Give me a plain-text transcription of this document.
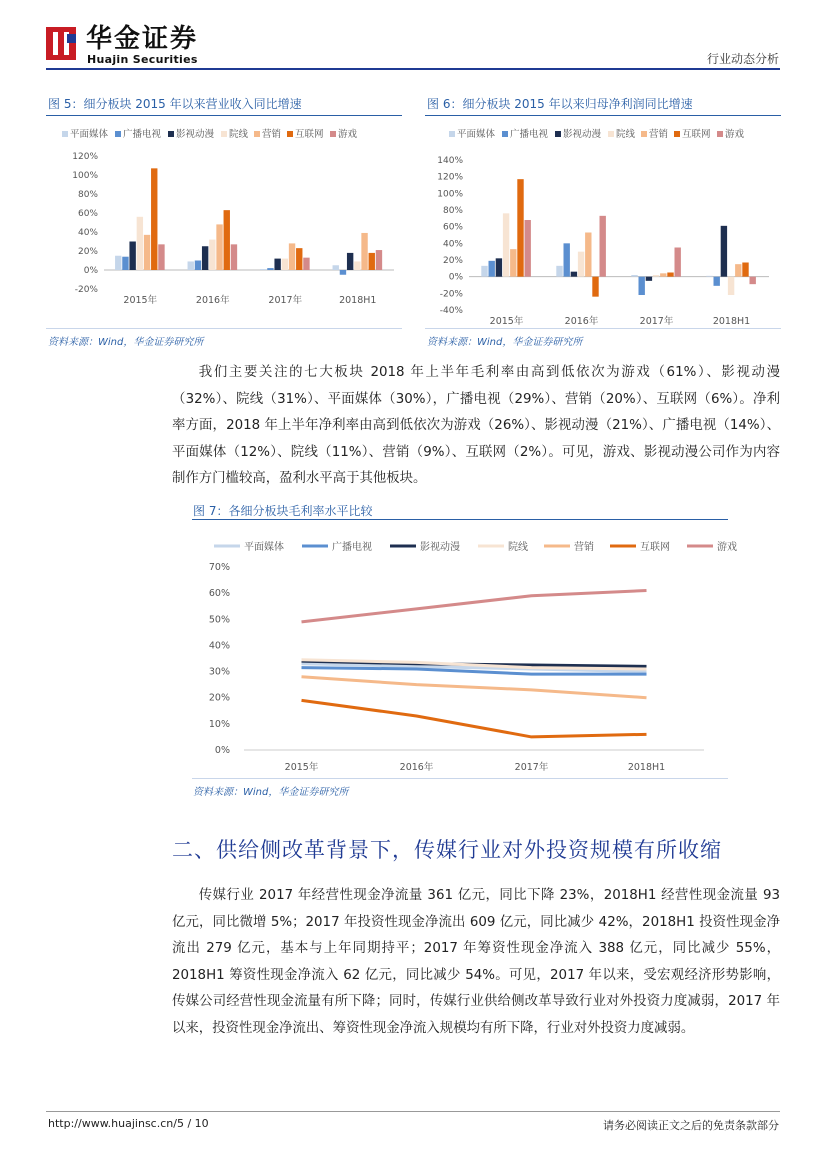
华金证券
Huajin Securities	行业动态分析
图 5：细分板块 2015 年以来营业收入同比增速
平面媒体 广播电视 影视动漫 院线 营销 互联网 游戏
120%
100%
80%
60%
40%
20%
0%
-20%
2015年	2016年	2017年	2018H1
资料来源：Wind，华金证券研究所
图 6：细分板块 2015 年以来归母净利润同比增速
平面媒体 广播电视 影视动漫 院线 营销 互联网 游戏
140%
120%
100%
80%
60%
40%
20%
0%
-20%
-40%
2015年	2016年	2017年	2018H1
资料来源：Wind，华金证券研究所

我们主要关注的七大板块 2018 年上半年毛利率由高到低依次为游戏（61%）、影视动漫（32%）、院线（31%）、平面媒体（30%），广播电视（29%）、营销（20%）、互联网（6%）。净利率方面，2018 年上半年净利率由高到低依次为游戏（26%）、影视动漫（21%）、广播电视（14%）、平面媒体（12%）、院线（11%）、营销（9%）、互联网（2%）。可见，游戏、影视动漫公司作为内容制作方门槛较高，盈利水平高于其他板块。

图 7：各细分板块毛利率水平比较
平面媒体	广播电视	影视动漫	院线	营销	互联网	游戏
70%
60%
50%
40%
30%
20%
10%
0%
2015年	2016年	2017年	2018H1
资料来源：Wind，华金证券研究所
二、供给侧改革背景下，传媒行业对外投资规模有所收缩

传媒行业 2017 年经营性现金净流量 361 亿元，同比下降 23%，2018H1 经营性现金流量 93 亿元，同比微增 5%；2017 年投资性现金净流出 609 亿元，同比减少 42%，2018H1 投资性现金净流出 279 亿元，基本与上年同期持平；2017 年筹资性现金净流入 388 亿元，同比减少 55%，2018H1 筹资性现金净流入 62 亿元，同比减少 54%。可见，2017 年以来，受宏观经济形势影响，传媒公司经营性现金流量有所下降；同时，传媒行业供给侧改革导致行业对外投资力度减弱，2017 年以来，投资性现金净流出、筹资性现金净流入规模均有所下降，行业对外投资力度减弱。

http://www.huajinsc.cn/5 / 10	请务必阅读正文之后的免责条款部分
